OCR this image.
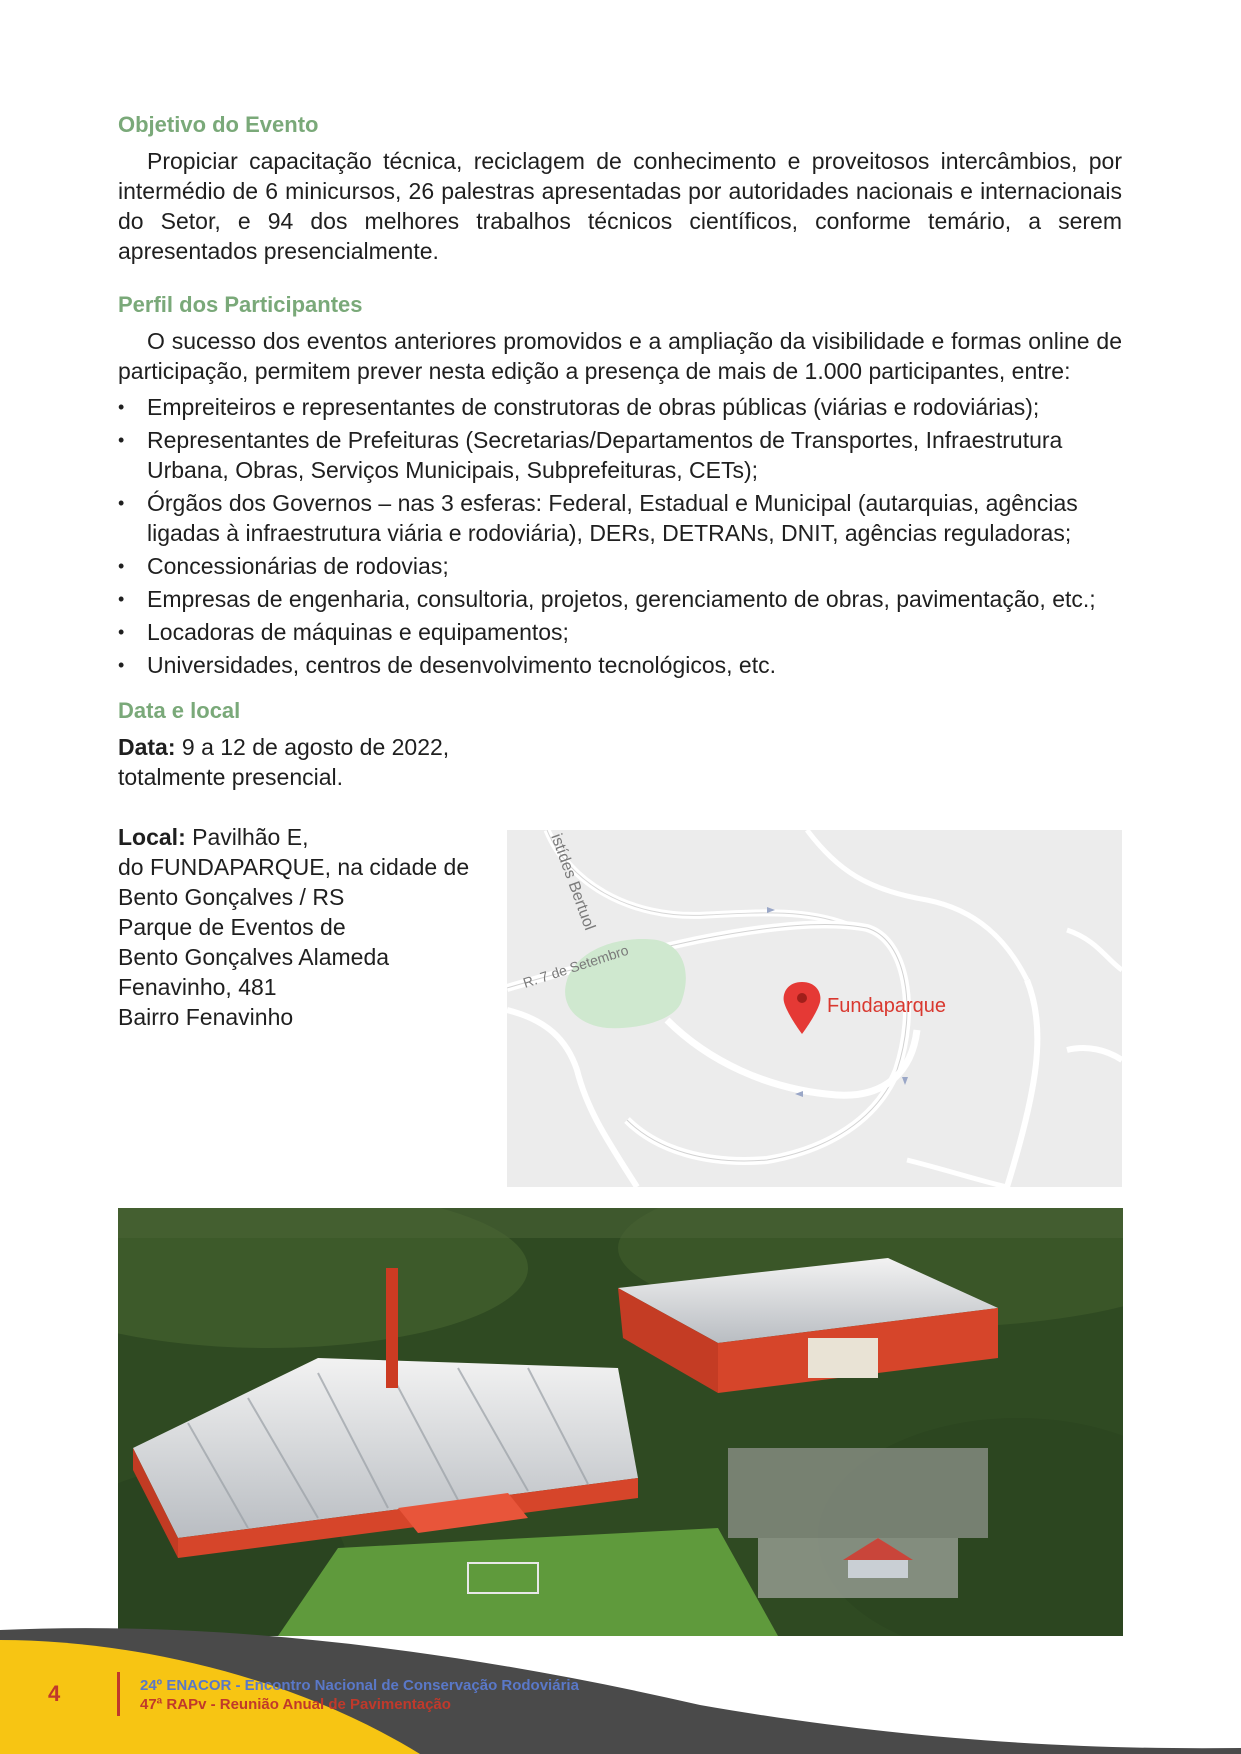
Objetivo do Evento

Propiciar capacitação técnica, reciclagem de conhecimento e proveitosos intercâmbios, por intermédio de 6 minicursos, 26 palestras apresentadas por autoridades nacionais e internacionais do Setor, e 94 dos melhores trabalhos técnicos científicos, conforme temário, a serem apresentados presencialmente.

Perfil dos Participantes

O sucesso dos eventos anteriores promovidos e a ampliação da visibilidade e formas online de participação, permitem prever nesta edição a presença de mais de 1.000 participantes, entre:

• Empreiteiros e representantes de construtoras de obras públicas (viárias e rodoviárias);
• Representantes de Prefeituras (Secretarias/Departamentos de Transportes, Infraestrutura Urbana, Obras, Serviços Municipais, Subprefeituras, CETs);
• Órgãos dos Governos – nas 3 esferas: Federal, Estadual e Municipal (autarquias, agências ligadas à infraestrutura viária e rodoviária), DERs, DETRANs, DNIT, agências reguladoras;
• Concessionárias de rodovias;
• Empresas de engenharia, consultoria, projetos, gerenciamento de obras, pavimentação, etc.;
• Locadoras de máquinas e equipamentos;
• Universidades, centros de desenvolvimento tecnológicos, etc.
Data e local
Data: 9 a 12 de agosto de 2022,
totalmente presencial.
Local: Pavilhão E,
do FUNDAPARQUE, na cidade de
Bento Gonçalves / RS
Parque de Eventos de
Bento Gonçalves Alameda
Fenavinho, 481
Bairro Fenavinho
istídes Bertuol
R. 7 de Setembro
Fundaparque
4	24º ENACOR - Encontro Nacional de Conservação Rodoviária
47ª RAPv - Reunião Anual de Pavimentação
